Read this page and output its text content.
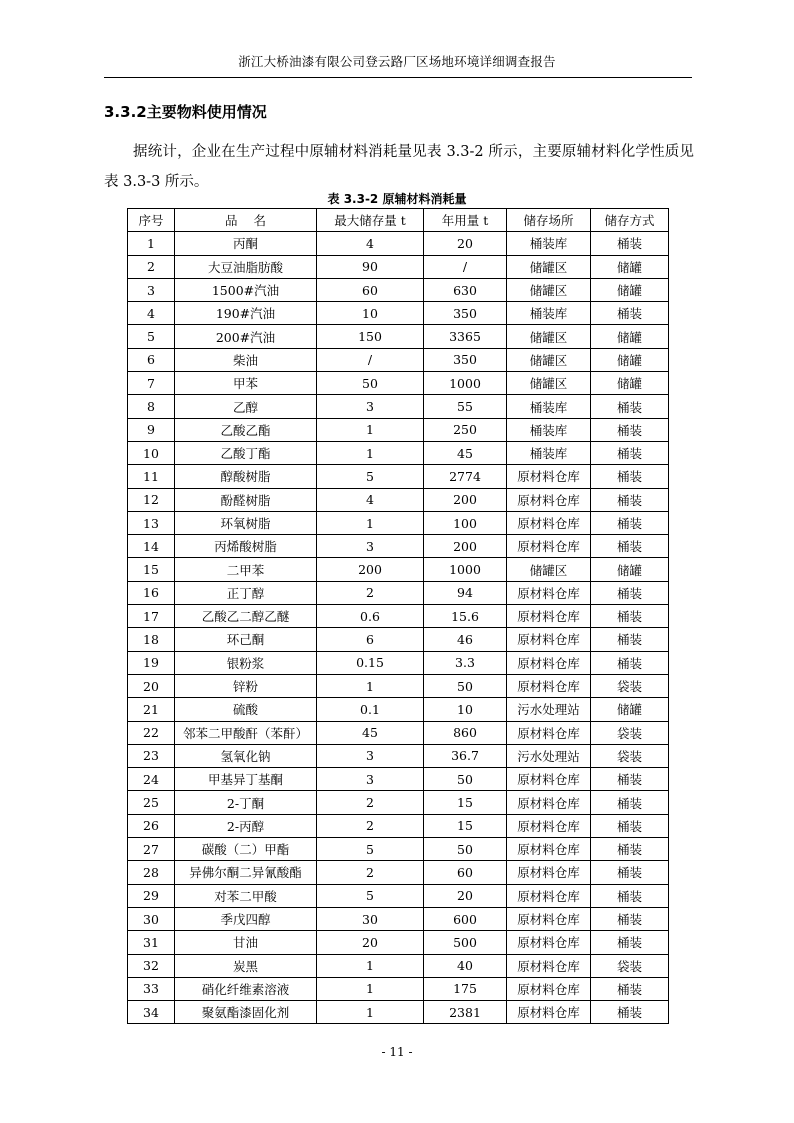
浙江大桥油漆有限公司登云路厂区场地环境详细调查报告
3.3.2主要物料使用情况
据统计，企业在生产过程中原辅材料消耗量见表 3.3-2 所示，主要原辅材料化学性质见表 3.3-3 所示。
表 3.3-2 原辅材料消耗量
序号	品    名	最大储存量 t	年用量 t	储存场所	储存方式
1	丙酮	4	20	桶装库	桶装
2	大豆油脂肪酸	90	/	储罐区	储罐
3	1500#汽油	60	630	储罐区	储罐
4	190#汽油	10	350	桶装库	桶装
5	200#汽油	150	3365	储罐区	储罐
6	柴油	/	350	储罐区	储罐
7	甲苯	50	1000	储罐区	储罐
8	乙醇	3	55	桶装库	桶装
9	乙酸乙酯	1	250	桶装库	桶装
10	乙酸丁酯	1	45	桶装库	桶装
11	醇酸树脂	5	2774	原材料仓库	桶装
12	酚醛树脂	4	200	原材料仓库	桶装
13	环氧树脂	1	100	原材料仓库	桶装
14	丙烯酸树脂	3	200	原材料仓库	桶装
15	二甲苯	200	1000	储罐区	储罐
16	正丁醇	2	94	原材料仓库	桶装
17	乙酸乙二醇乙醚	0.6	15.6	原材料仓库	桶装
18	环己酮	6	46	原材料仓库	桶装
19	银粉浆	0.15	3.3	原材料仓库	桶装
20	锌粉	1	50	原材料仓库	袋装
21	硫酸	0.1	10	污水处理站	储罐
22	邻苯二甲酸酐（苯酐）	45	860	原材料仓库	袋装
23	氢氧化钠	3	36.7	污水处理站	袋装
24	甲基异丁基酮	3	50	原材料仓库	桶装
25	2-丁酮	2	15	原材料仓库	桶装
26	2-丙醇	2	15	原材料仓库	桶装
27	碳酸（二）甲酯	5	50	原材料仓库	桶装
28	异佛尔酮二异氰酸酯	2	60	原材料仓库	桶装
29	对苯二甲酸	5	20	原材料仓库	桶装
30	季戊四醇	30	600	原材料仓库	桶装
31	甘油	20	500	原材料仓库	桶装
32	炭黑	1	40	原材料仓库	袋装
33	硝化纤维素溶液	1	175	原材料仓库	桶装
34	聚氨酯漆固化剂	1	2381	原材料仓库	桶装
- 11 -
